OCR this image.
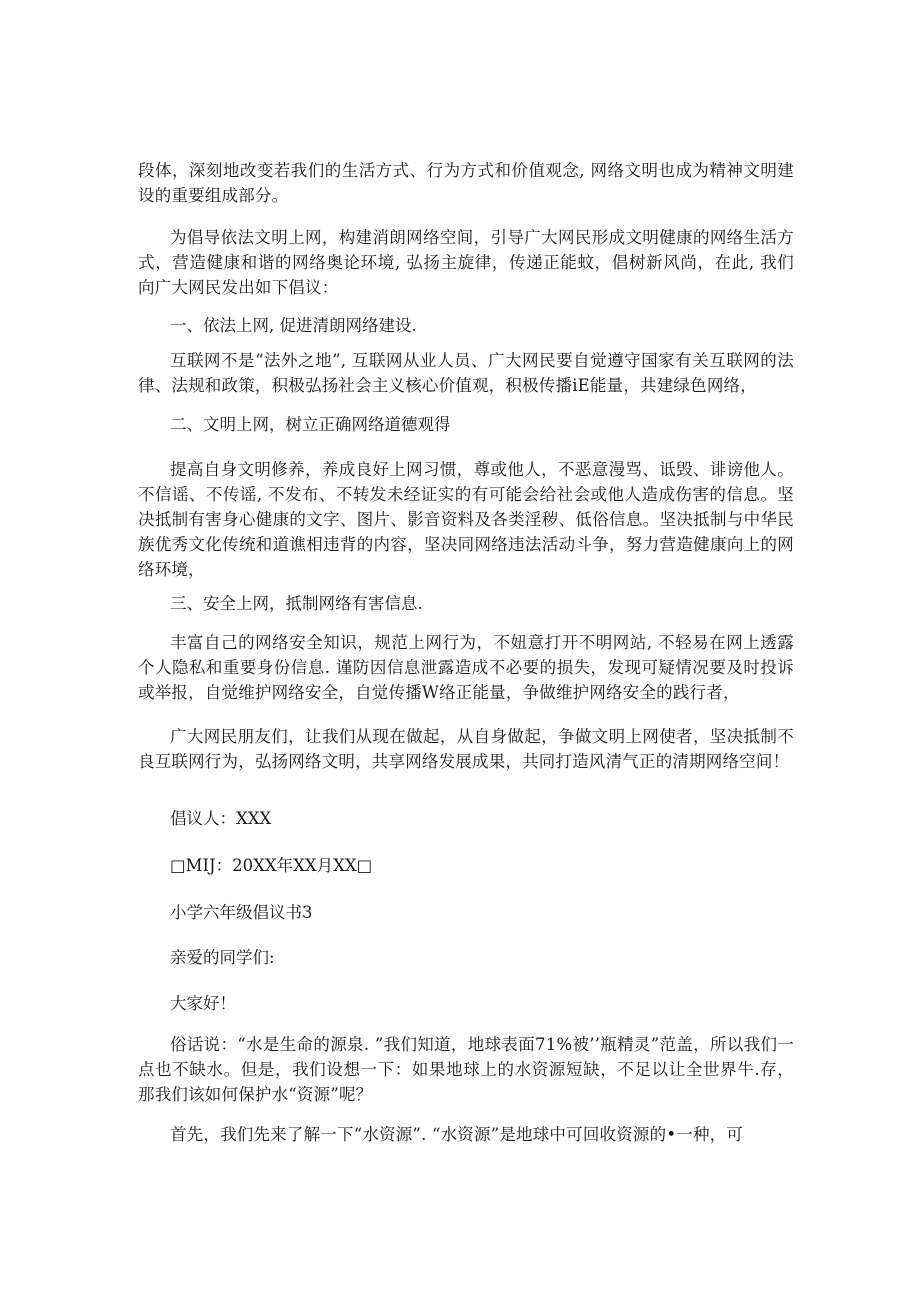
段体，深刻地改变若我们的生活方式、行为方式和价值观念, 网络文明也成为精神文明建设的重要组成部分。

为倡导依法文明上网，构建消朗网络空间，引导广大网民形成文明健康的网络生活方式，营造健康和谐的网络奥论环境, 弘扬主旋律，传递正能蚊，倡树新风尚，在此, 我们向广大网民发出如下倡议：

一、依法上网, 促进清朗网络建设.

互联网不是“法外之地”, 互联网从业人员、广大网民要自觉遵守国家有关互联网的法律、法规和政策，积极弘扬社会主义核心价值观，积极传播iE能量，共建绿色网络，

二、文明上网，树立正确网络道德观得

提高自身文明修养，养成良好上网习惯，尊或他人，不恶意漫骂、诋毁、诽谤他人。不信谣、不传谣, 不发布、不转发未经证实的有可能会给社会或他人造成伤害的信息。坚决抵制有害身心健康的文字、图片、影音资料及各类淫秽、低俗信息。坚决抵制与中华民族优秀文化传统和道谯相违背的内容，坚决同网络违法活动斗争，努力营造健康向上的网络环境，

三、安全上网，抵制网络有害信息.

丰富自己的网络安全知识，规范上网行为，不妞意打开不明网站, 不轻易在网上透露个人隐私和重要身份信息. 谨防因信息泄露造成不必要的损失，发现可疑情况要及时投诉或举报，自觉维护网络安全，自觉传播W络正能量，争做维护网络安全的践行者，

广大网民朋友们，让我们从现在做起，从自身做起，争做文明上网使者，坚决抵制不良互联网行为，弘扬网络文明，共享网络发展成果，共同打造风清气正的清期网络空间！

倡议人：XXX

□MIJ：20XX年XX月XX□

小学六年级倡议书3

亲爱的同学们:

大家好！

俗话说：“水是生命的源泉. ”我们知道，地球表面71%被’’瓶精灵”范盖，所以我们一点也不缺水。但是，我们设想一下：如果地球上的水资源短缺，不足以让全世界牛.存，那我们该如何保护水“资源”呢？

首先，我们先来了解一下“水资源”. “水资源”是地球中可回收资源的•一种，可
